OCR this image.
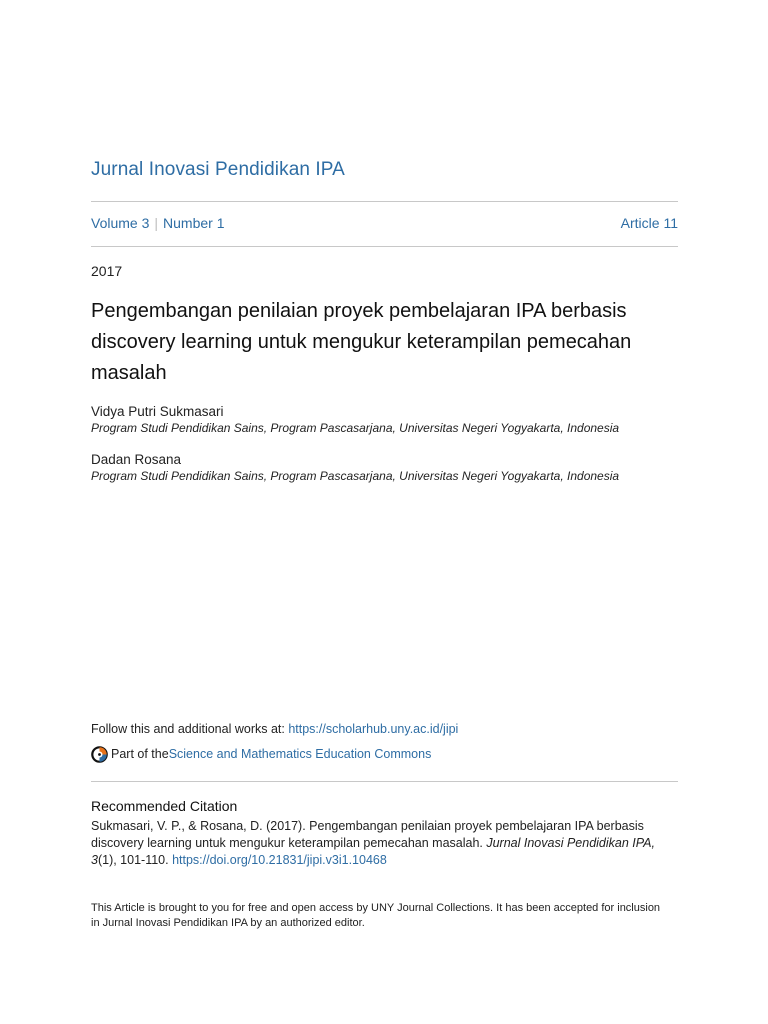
Jurnal Inovasi Pendidikan IPA
Volume 3 | Number 1	Article 11
2017
Pengembangan penilaian proyek pembelajaran IPA berbasis discovery learning untuk mengukur keterampilan pemecahan masalah
Vidya Putri Sukmasari
Program Studi Pendidikan Sains, Program Pascasarjana, Universitas Negeri Yogyakarta, Indonesia
Dadan Rosana
Program Studi Pendidikan Sains, Program Pascasarjana, Universitas Negeri Yogyakarta, Indonesia
Follow this and additional works at: https://scholarhub.uny.ac.id/jipi
Part of the Science and Mathematics Education Commons
Recommended Citation
Sukmasari, V. P., & Rosana, D. (2017). Pengembangan penilaian proyek pembelajaran IPA berbasis discovery learning untuk mengukur keterampilan pemecahan masalah. Jurnal Inovasi Pendidikan IPA, 3(1), 101-110. https://doi.org/10.21831/jipi.v3i1.10468
This Article is brought to you for free and open access by UNY Journal Collections. It has been accepted for inclusion in Jurnal Inovasi Pendidikan IPA by an authorized editor.
